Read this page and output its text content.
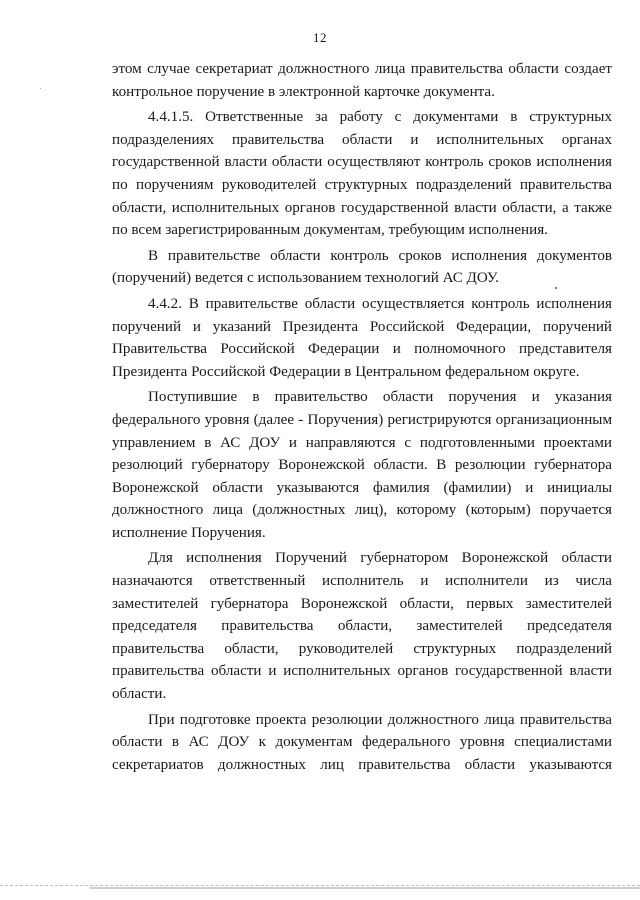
12

этом случае секретариат должностного лица правительства области создает контрольное поручение в электронной карточке документа.

4.4.1.5. Ответственные за работу с документами в структурных подразделениях правительства области и исполнительных органах государственной власти области осуществляют контроль сроков исполнения по поручениям руководителей структурных подразделений правительства области, исполнительных органов государственной власти области, а также по всем зарегистрированным документам, требующим исполнения.

В правительстве области контроль сроков исполнения документов (поручений) ведется с использованием технологий АС ДОУ.

4.4.2. В правительстве области осуществляется контроль исполнения поручений и указаний Президента Российской Федерации, поручений Правительства Российской Федерации и полномочного представителя Президента Российской Федерации в Центральном федеральном округе.

Поступившие в правительство области поручения и указания федерального уровня (далее - Поручения) регистрируются организационным управлением в АС ДОУ и направляются с подготовленными проектами резолюций губернатору Воронежской области. В резолюции губернатора Воронежской области указываются фамилия (фамилии) и инициалы должностного лица (должностных лиц), которому (которым) поручается исполнение Поручения.

Для исполнения Поручений губернатором Воронежской области назначаются ответственный исполнитель и исполнители из числа заместителей губернатора Воронежской области, первых заместителей председателя правительства области, заместителей председателя правительства области, руководителей структурных подразделений правительства области и исполнительных органов государственной власти области.

При подготовке проекта резолюции должностного лица правительства области в АС ДОУ к документам федерального уровня специалистами секретариатов должностных лиц правительства области указываются
